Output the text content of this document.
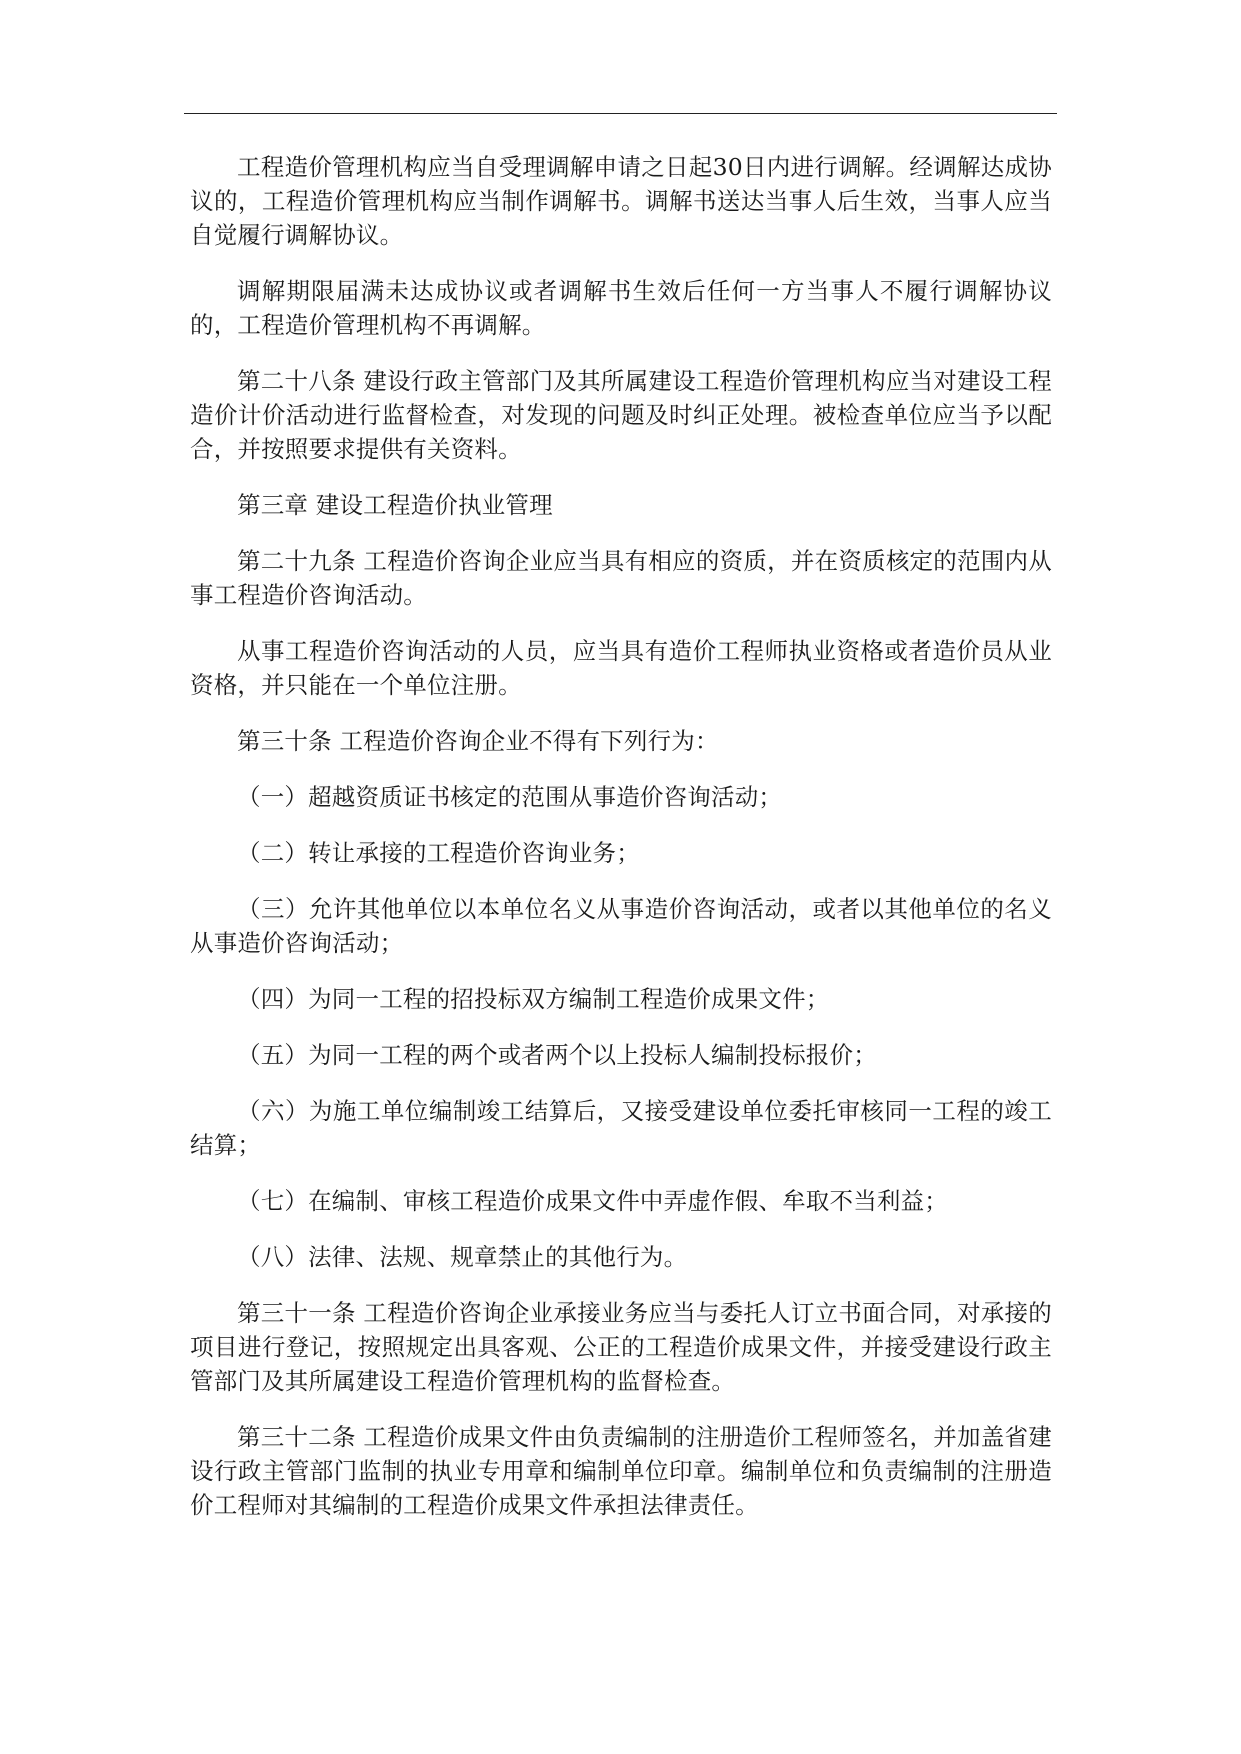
工程造价管理机构应当自受理调解申请之日起30日内进行调解。经调解达成协议的，工程造价管理机构应当制作调解书。调解书送达当事人后生效，当事人应当自觉履行调解协议。

调解期限届满未达成协议或者调解书生效后任何一方当事人不履行调解协议的，工程造价管理机构不再调解。

第二十八条 建设行政主管部门及其所属建设工程造价管理机构应当对建设工程造价计价活动进行监督检查，对发现的问题及时纠正处理。被检查单位应当予以配合，并按照要求提供有关资料。

第三章 建设工程造价执业管理

第二十九条 工程造价咨询企业应当具有相应的资质，并在资质核定的范围内从事工程造价咨询活动。

从事工程造价咨询活动的人员，应当具有造价工程师执业资格或者造价员从业资格，并只能在一个单位注册。

第三十条 工程造价咨询企业不得有下列行为：

（一）超越资质证书核定的范围从事造价咨询活动；

（二）转让承接的工程造价咨询业务；

（三）允许其他单位以本单位名义从事造价咨询活动，或者以其他单位的名义从事造价咨询活动；

（四）为同一工程的招投标双方编制工程造价成果文件；

（五）为同一工程的两个或者两个以上投标人编制投标报价；

（六）为施工单位编制竣工结算后，又接受建设单位委托审核同一工程的竣工结算；

（七）在编制、审核工程造价成果文件中弄虚作假、牟取不当利益；

（八）法律、法规、规章禁止的其他行为。

第三十一条 工程造价咨询企业承接业务应当与委托人订立书面合同，对承接的项目进行登记，按照规定出具客观、公正的工程造价成果文件，并接受建设行政主管部门及其所属建设工程造价管理机构的监督检查。

第三十二条 工程造价成果文件由负责编制的注册造价工程师签名，并加盖省建设行政主管部门监制的执业专用章和编制单位印章。编制单位和负责编制的注册造价工程师对其编制的工程造价成果文件承担法律责任。
